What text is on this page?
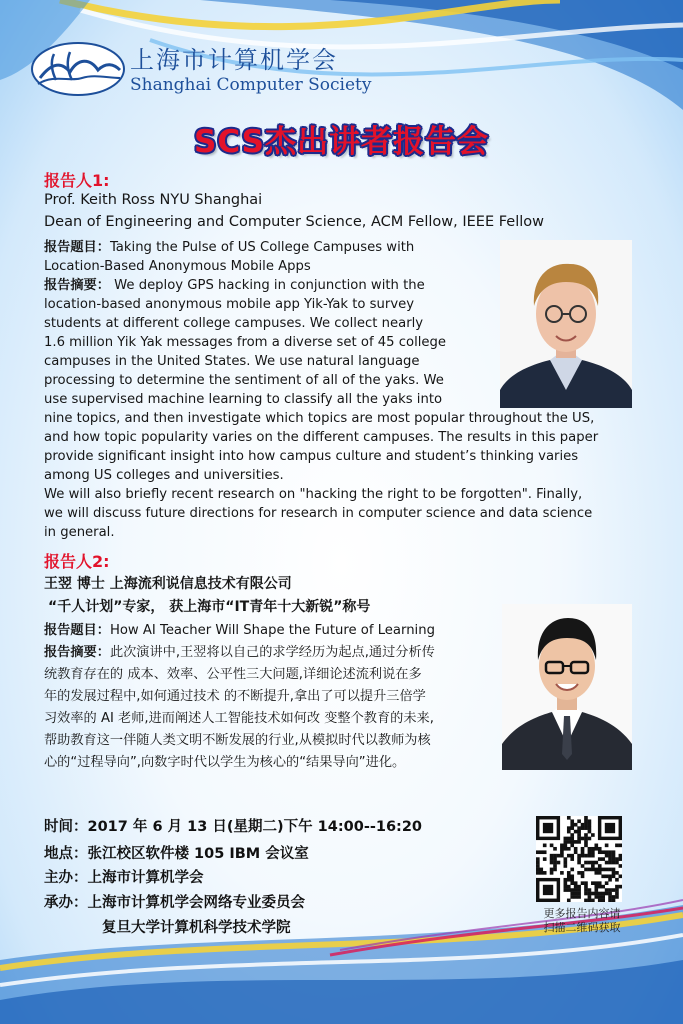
上海市计算机学会
Shanghai Computer Society
SCS杰出讲者报告会
报告人1:
Prof. Keith Ross NYU Shanghai
Dean of Engineering and Computer Science, ACM Fellow, IEEE Fellow
报告题目：Taking the Pulse of US College Campuses with
Location-Based Anonymous Mobile Apps
报告摘要： We deploy GPS hacking in conjunction with the
location-based anonymous mobile app Yik-Yak to survey
students at different college campuses. We collect nearly
1.6 million Yik Yak messages from a diverse set of 45 college
campuses in the United States. We use natural language
processing to determine the sentiment of all of the yaks. We
use supervised machine learning to classify all the yaks into
nine topics, and then investigate which topics are most popular throughout the US,
and how topic popularity varies on the different campuses. The results in this paper
provide significant insight into how campus culture and student’s thinking varies
among US colleges and universities.
We will also briefly recent research on "hacking the right to be forgotten". Finally,
we will discuss future directions for research in computer science and data science
in general.
报告人2:
王翌 博士 上海流利说信息技术有限公司
“千人计划”专家， 获上海市“IT青年十大新锐”称号
报告题目：How AI Teacher Will Shape the Future of Learning
报告摘要：此次演讲中,王翌将以自己的求学经历为起点,通过分析传
统教育存在的 成本、效率、公平性三大问题,详细论述流利说在多
年的发展过程中,如何通过技术 的不断提升,拿出了可以提升三倍学
习效率的 AI 老师,进而阐述人工智能技术如何改 变整个教育的未来,
帮助教育这一伴随人类文明不断发展的行业,从模拟时代以教师为核
心的“过程导向”,向数字时代以学生为核心的“结果导向”进化。
时间：2017 年 6 月 13 日(星期二)下午 14:00--16:20
地点：张江校区软件楼 105 IBM 会议室
主办：上海市计算机学会
承办：上海市计算机学会网络专业委员会
复旦大学计算机科学技术学院
更多报告内容请
扫描二维码获取
